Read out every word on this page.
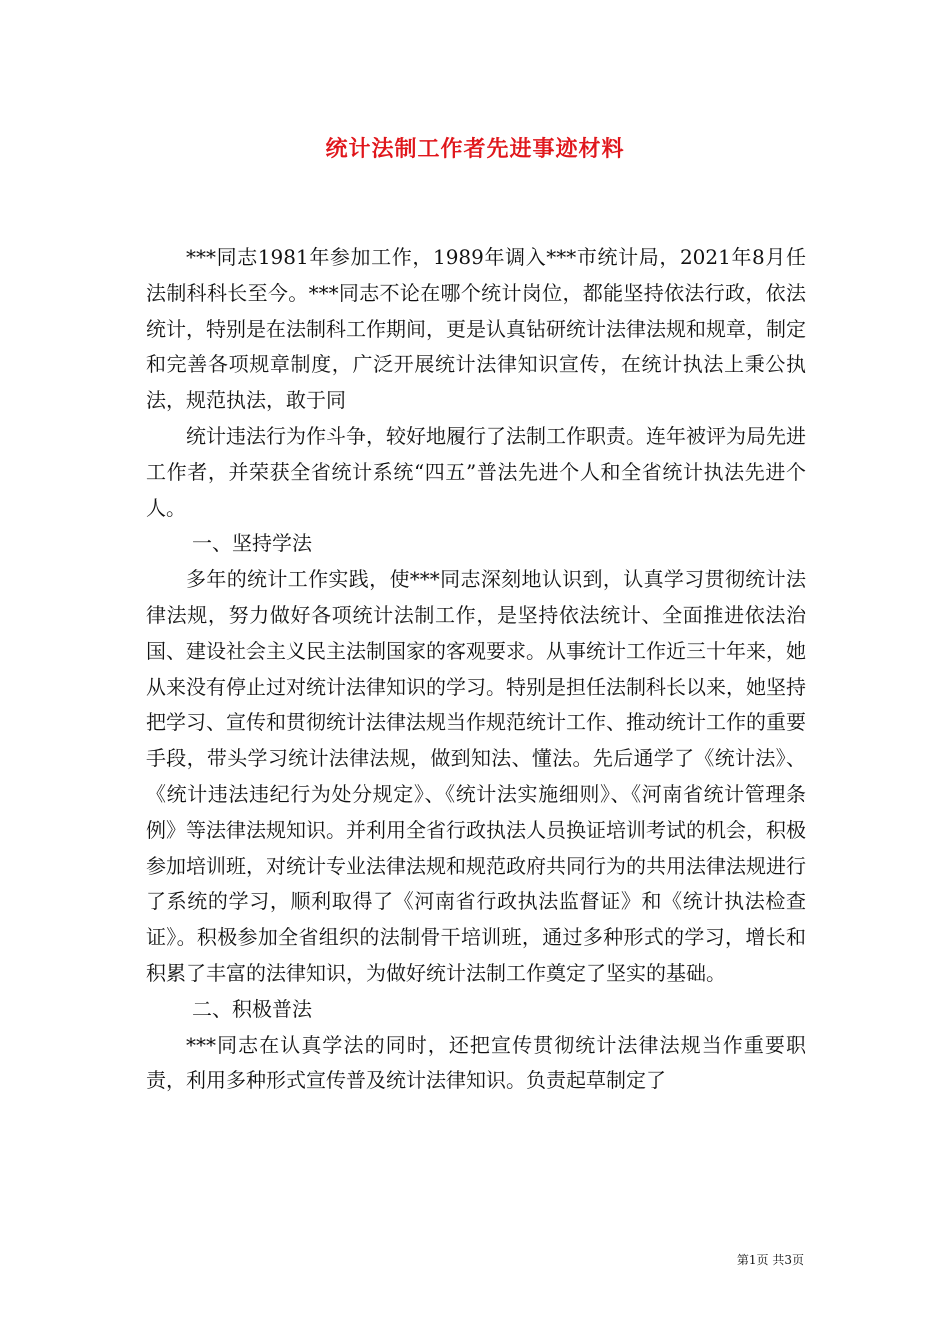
统计法制工作者先进事迹材料

***同志1981年参加工作，1989年调入***市统计局，2021年8月任法制科科长至今。***同志不论在哪个统计岗位，都能坚持依法行政，依法统计，特别是在法制科工作期间，更是认真钻研统计法律法规和规章，制定和完善各项规章制度，广泛开展统计法律知识宣传，在统计执法上秉公执法，规范执法，敢于同

统计违法行为作斗争，较好地履行了法制工作职责。连年被评为局先进工作者，并荣获全省统计系统“四五”普法先进个人和全省统计执法先进个人。

一、坚持学法

多年的统计工作实践，使***同志深刻地认识到，认真学习贯彻统计法律法规，努力做好各项统计法制工作，是坚持依法统计、全面推进依法治国、建设社会主义民主法制国家的客观要求。从事统计工作近三十年来，她从来没有停止过对统计法律知识的学习。特别是担任法制科长以来，她坚持把学习、宣传和贯彻统计法律法规当作规范统计工作、推动统计工作的重要手段，带头学习统计法律法规，做到知法、懂法。先后通学了《统计法》、《统计违法违纪行为处分规定》、《统计法实施细则》、《河南省统计管理条例》等法律法规知识。并利用全省行政执法人员换证培训考试的机会，积极参加培训班，对统计专业法律法规和规范政府共同行为的共用法律法规进行了系统的学习，顺利取得了《河南省行政执法监督证》和《统计执法检查证》。积极参加全省组织的法制骨干培训班，通过多种形式的学习，增长和积累了丰富的法律知识，为做好统计法制工作奠定了坚实的基础。

二、积极普法

***同志在认真学法的同时，还把宣传贯彻统计法律法规当作重要职责，利用多种形式宣传普及统计法律知识。负责起草制定了

第1页 共3页
